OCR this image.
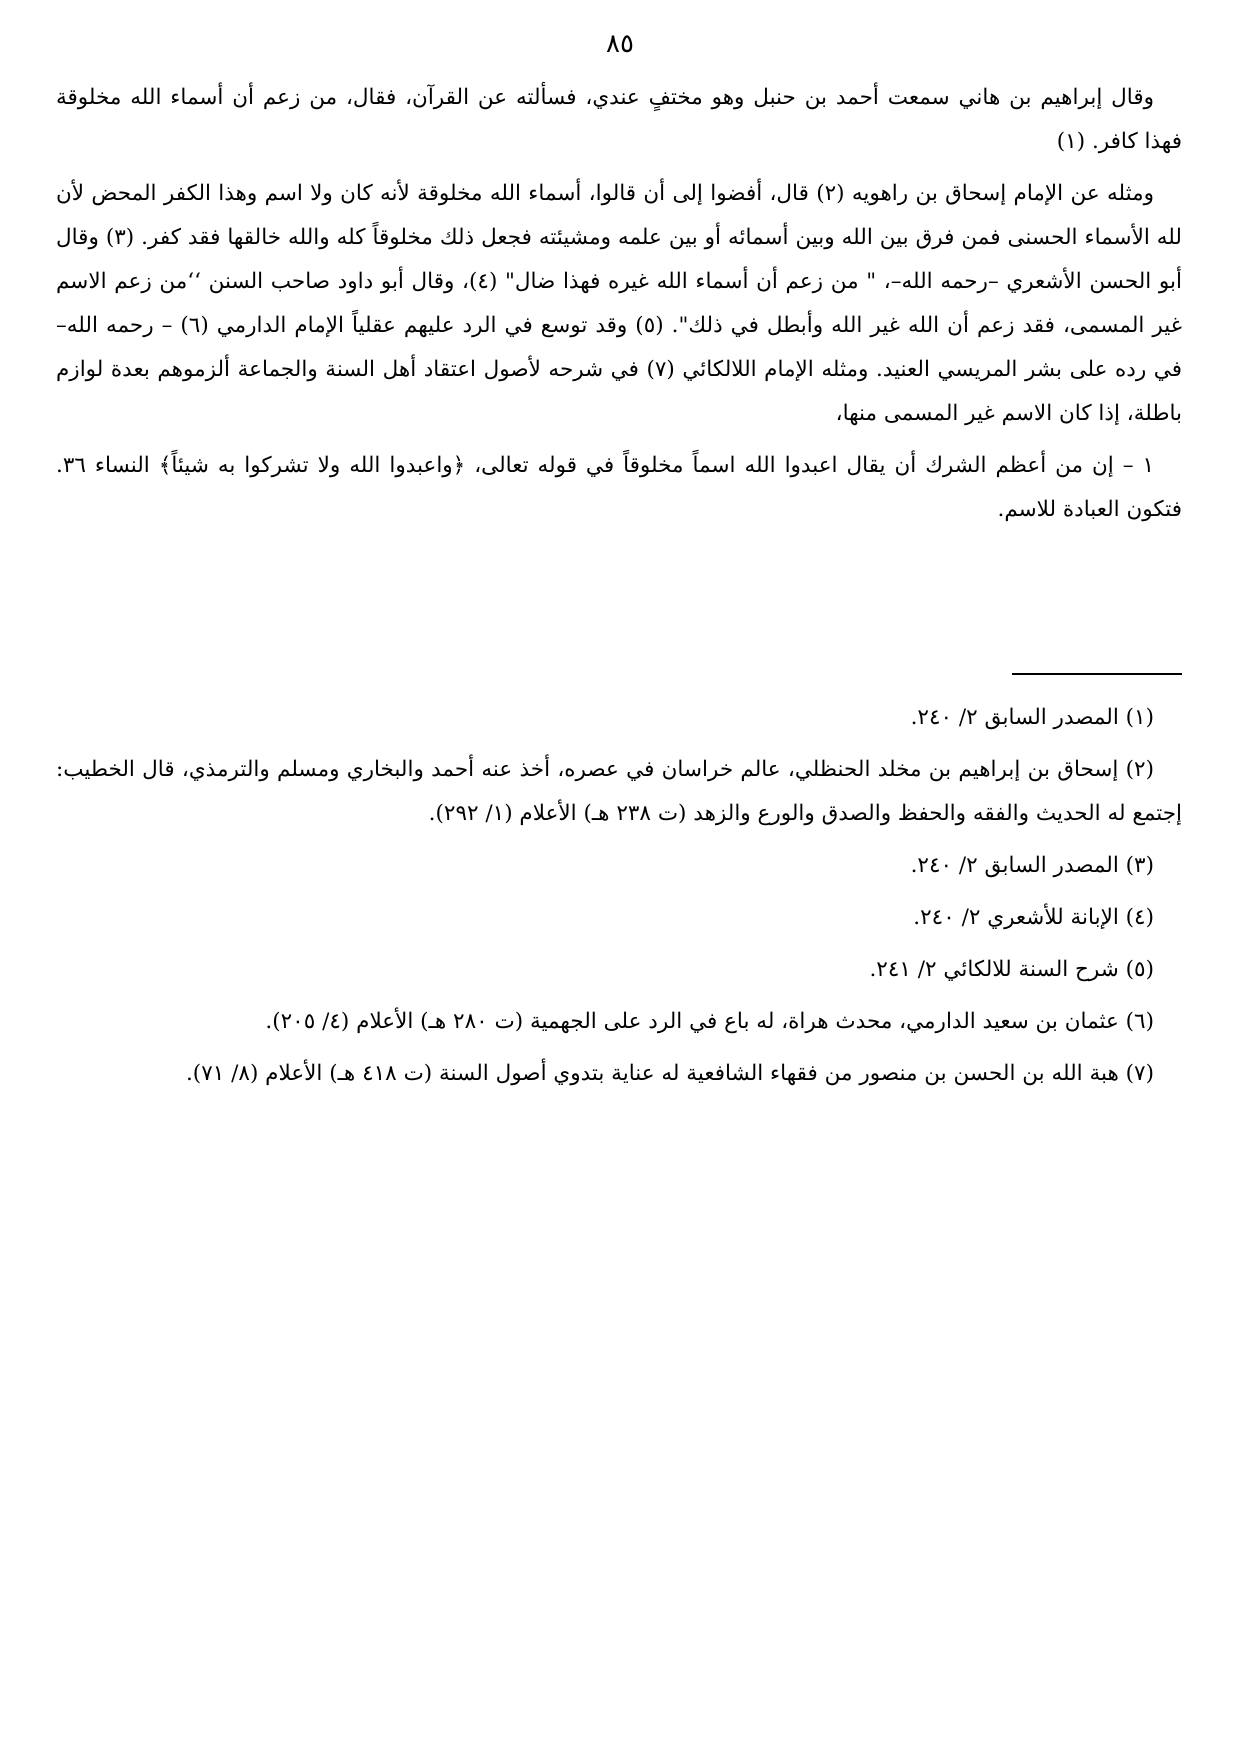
٨٥

وقال إبراهيم بن هاني سمعت أحمد بن حنبل وهو مختفٍ عندي، فسألته عن القرآن، فقال، من زعم أن أسماء الله مخلوقة فهذا كافر. (١)

ومثله عن الإمام إسحاق بن راهويه (٢) قال، أفضوا إلى أن قالوا، أسماء الله مخلوقة لأنه كان ولا اسم وهذا الكفر المحض لأن لله الأسماء الحسنى فمن فرق بين الله وبين أسمائه أو بين علمه ومشيئته فجعل ذلك مخلوقاً كله والله خالقها فقد كفر. (٣) وقال أبو الحسن الأشعري –رحمه الله–، " من زعم أن أسماء الله غيره فهذا ضال" (٤)، وقال أبو داود صاحب السنن ‘‘من زعم الاسم غير المسمى، فقد زعم أن الله غير الله وأبطل في ذلك". (٥) وقد توسع في الرد عليهم عقلياً الإمام الدارمي (٦) – رحمه الله– في رده على بشر المريسي العنيد. ومثله الإمام اللالكائي (٧) في شرحه لأصول اعتقاد أهل السنة والجماعة ألزموهم بعدة لوازم باطلة، إذا كان الاسم غير المسمى منها،

١ – إن من أعظم الشرك أن يقال اعبدوا الله اسماً مخلوقاً في قوله تعالى، ﴿واعبدوا الله ولا تشركوا به شيئاً﴾ النساء ٣٦. فتكون العبادة للاسم.

(١) المصدر السابق ٢/ ٢٤٠.

(٢) إسحاق بن إبراهيم بن مخلد الحنظلي، عالم خراسان في عصره، أخذ عنه أحمد والبخاري ومسلم والترمذي، قال الخطيب: إجتمع له الحديث والفقه والحفظ والصدق والورع والزهد (ت ٢٣٨ هـ) الأعلام (١/ ٢٩٢).

(٣) المصدر السابق ٢/ ٢٤٠.

(٤) الإبانة للأشعري ٢/ ٢٤٠.

(٥) شرح السنة للالكائي ٢/ ٢٤١.

(٦) عثمان بن سعيد الدارمي، محدث هراة، له باع في الرد على الجهمية (ت ٢٨٠ هـ) الأعلام (٤/ ٢٠٥).

(٧) هبة الله بن الحسن بن منصور من فقهاء الشافعية له عناية بتدوي أصول السنة (ت ٤١٨ هـ) الأعلام (٨/ ٧١).
